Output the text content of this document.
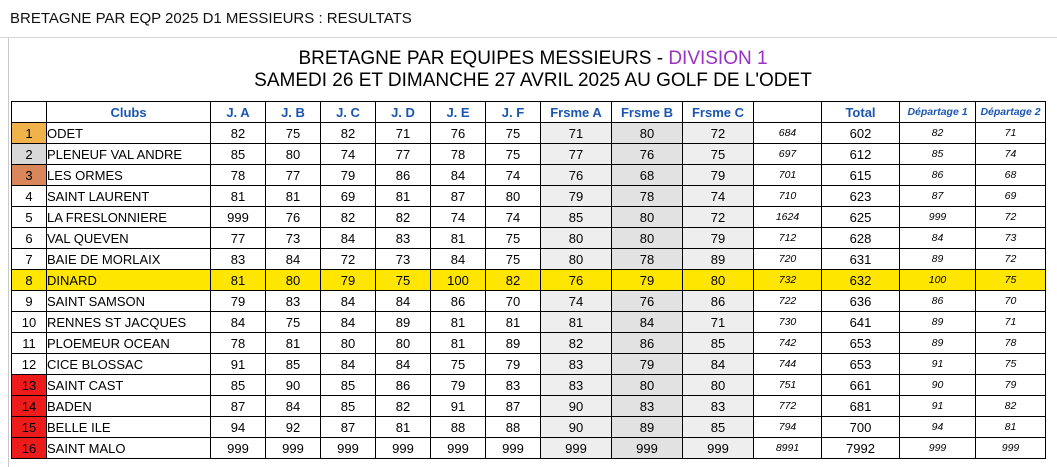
BRETAGNE PAR EQP 2025 D1 MESSIEURS : RESULTATS
BRETAGNE PAR EQUIPES MESSIEURS - DIVISION 1
SAMEDI 26 ET DIMANCHE 27 AVRIL 2025 AU GOLF DE L'ODET
	Clubs	J. A	J. B	J. C	J. D	J. E	J. F	Frsme A	Frsme B	Frsme C		Total	Départage 1	Départage 2
1	ODET	82	75	82	71	76	75	71	80	72	684	602	82	71
2	PLENEUF VAL ANDRE	85	80	74	77	78	75	77	76	75	697	612	85	74
3	LES ORMES	78	77	79	86	84	74	76	68	79	701	615	86	68
4	SAINT LAURENT	81	81	69	81	87	80	79	78	74	710	623	87	69
5	LA FRESLONNIERE	999	76	82	82	74	74	85	80	72	1624	625	999	72
6	VAL QUEVEN	77	73	84	83	81	75	80	80	79	712	628	84	73
7	BAIE DE MORLAIX	83	84	72	73	84	75	80	78	89	720	631	89	72
8	DINARD	81	80	79	75	100	82	76	79	80	732	632	100	75
9	SAINT SAMSON	79	83	84	84	86	70	74	76	86	722	636	86	70
10	RENNES ST JACQUES	84	75	84	89	81	81	81	84	71	730	641	89	71
11	PLOEMEUR OCEAN	78	81	80	80	81	89	82	86	85	742	653	89	78
12	CICE BLOSSAC	91	85	84	84	75	79	83	79	84	744	653	91	75
13	SAINT CAST	85	90	85	86	79	83	83	80	80	751	661	90	79
14	BADEN	87	84	85	82	91	87	90	83	83	772	681	91	82
15	BELLE ILE	94	92	87	81	88	88	90	89	85	794	700	94	81
16	SAINT MALO	999	999	999	999	999	999	999	999	999	8991	7992	999	999
